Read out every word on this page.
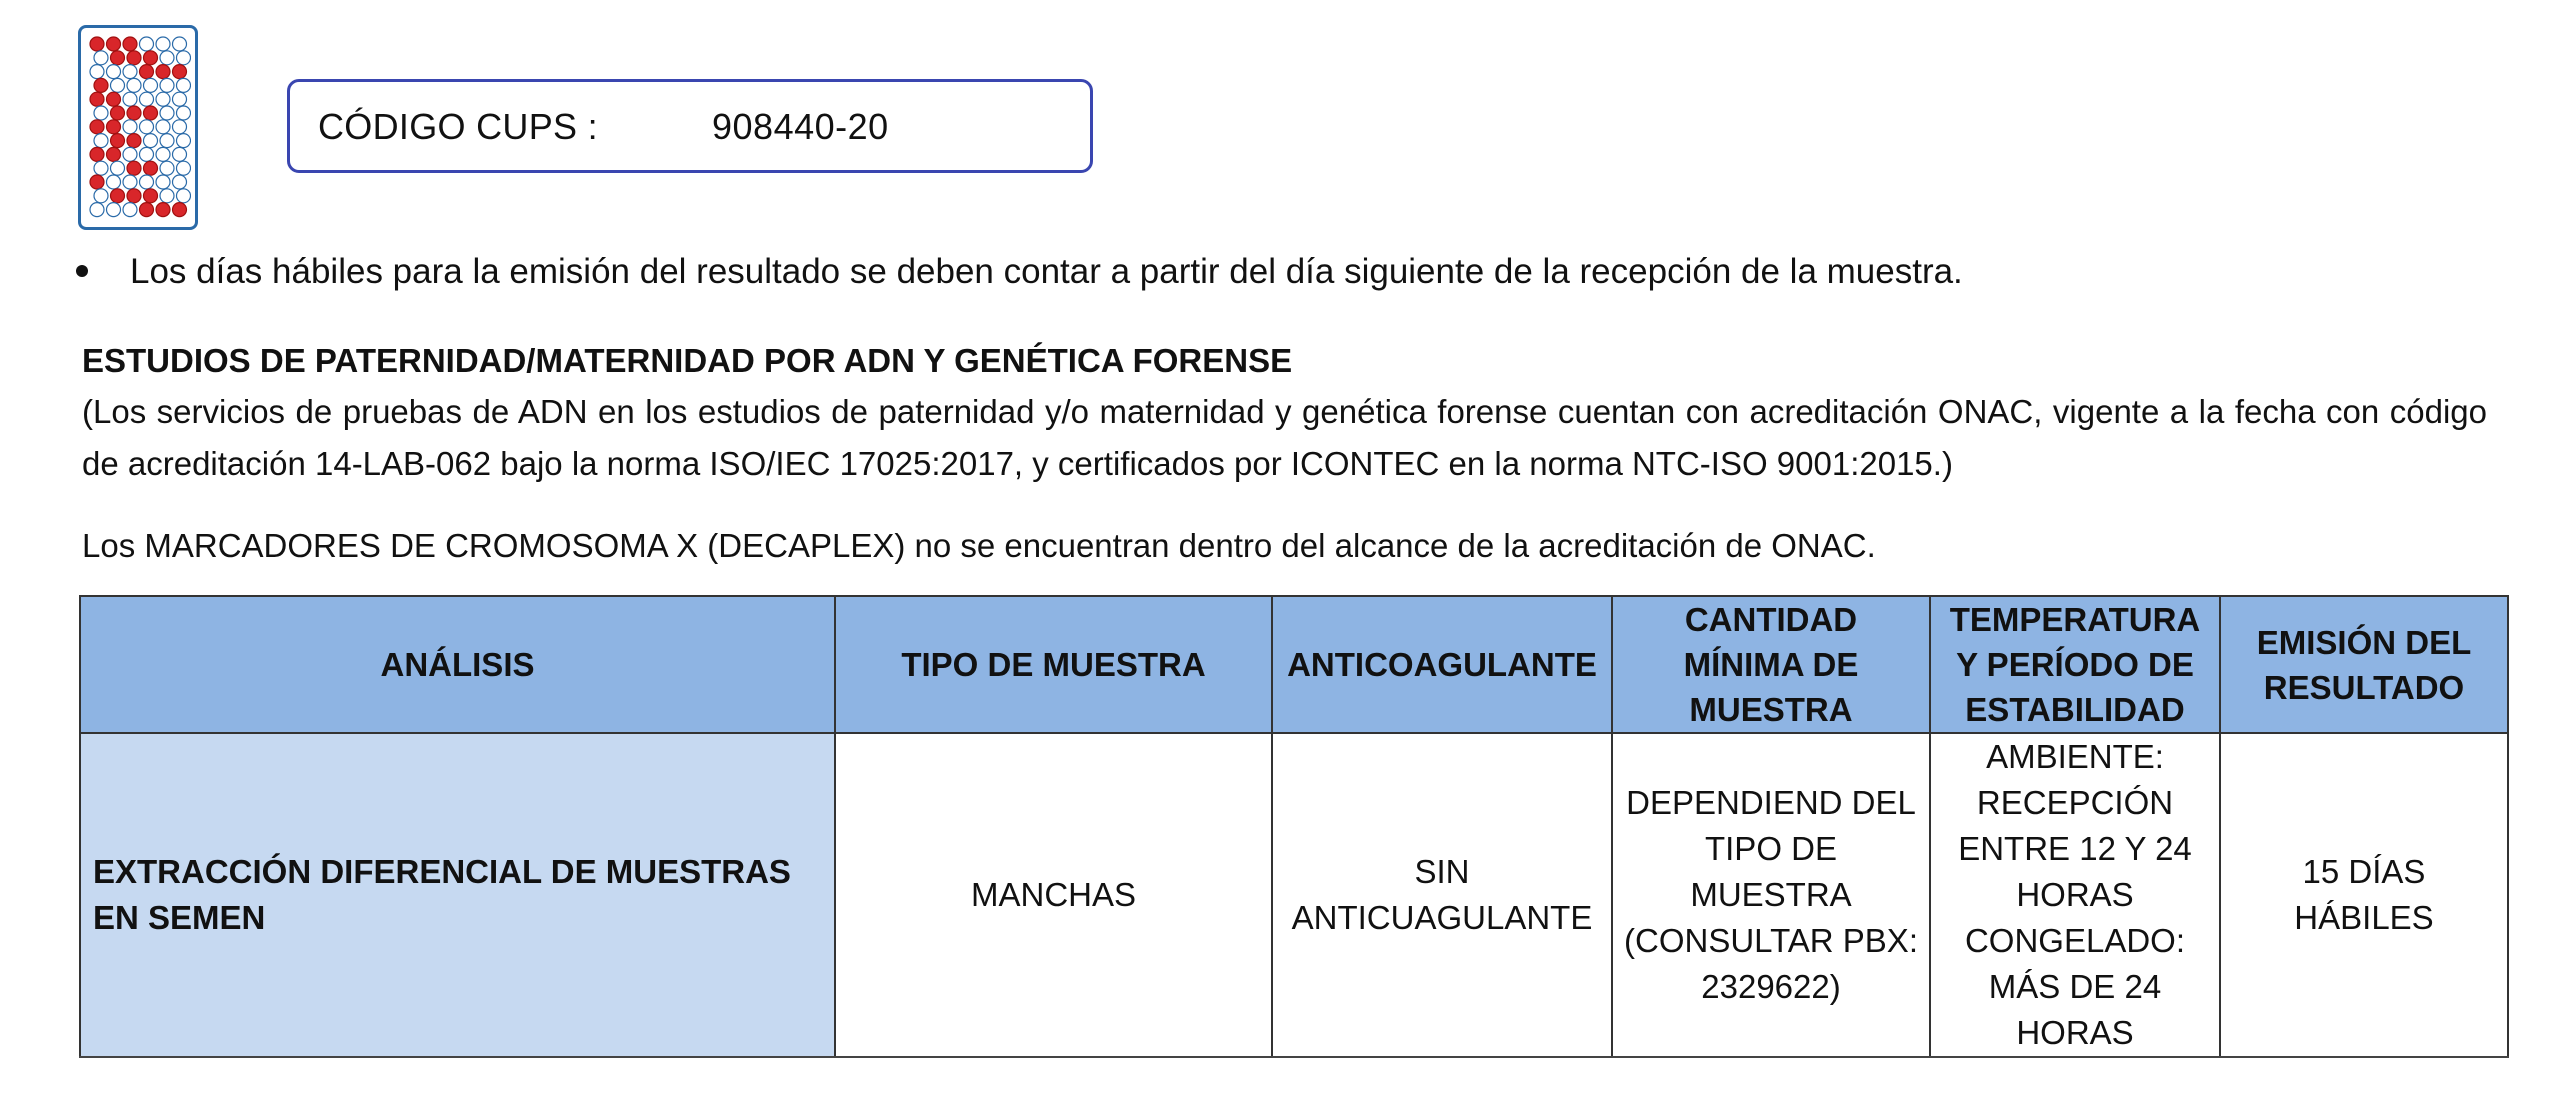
CÓDIGO CUPS :	908440-20
Los días hábiles para la emisión del resultado se deben contar a partir del día siguiente de la recepción de la muestra.
ESTUDIOS DE PATERNIDAD/MATERNIDAD POR ADN Y GENÉTICA FORENSE
(Los servicios de pruebas de ADN en los estudios de paternidad y/o maternidad y genética forense cuentan con acreditación ONAC, vigente a la fecha con código de acreditación 14-LAB-062 bajo la norma ISO/IEC 17025:2017, y certificados por ICONTEC en la norma NTC-ISO 9001:2015.)
Los MARCADORES DE CROMOSOMA X (DECAPLEX) no se encuentran dentro del alcance de la acreditación de ONAC.
ANÁLISIS	TIPO DE MUESTRA	ANTICOAGULANTE	CANTIDAD MÍNIMA DE MUESTRA	TEMPERATURA Y PERÍODO DE ESTABILIDAD	EMISIÓN DEL RESULTADO
EXTRACCIÓN DIFERENCIAL DE MUESTRAS EN SEMEN	MANCHAS	SIN ANTICUAGULANTE	DEPENDIEND DEL TIPO DE MUESTRA (CONSULTAR PBX: 2329622)	AMBIENTE: RECEPCIÓN ENTRE 12 Y 24 HORAS CONGELADO: MÁS DE 24 HORAS	15 DÍAS HÁBILES
